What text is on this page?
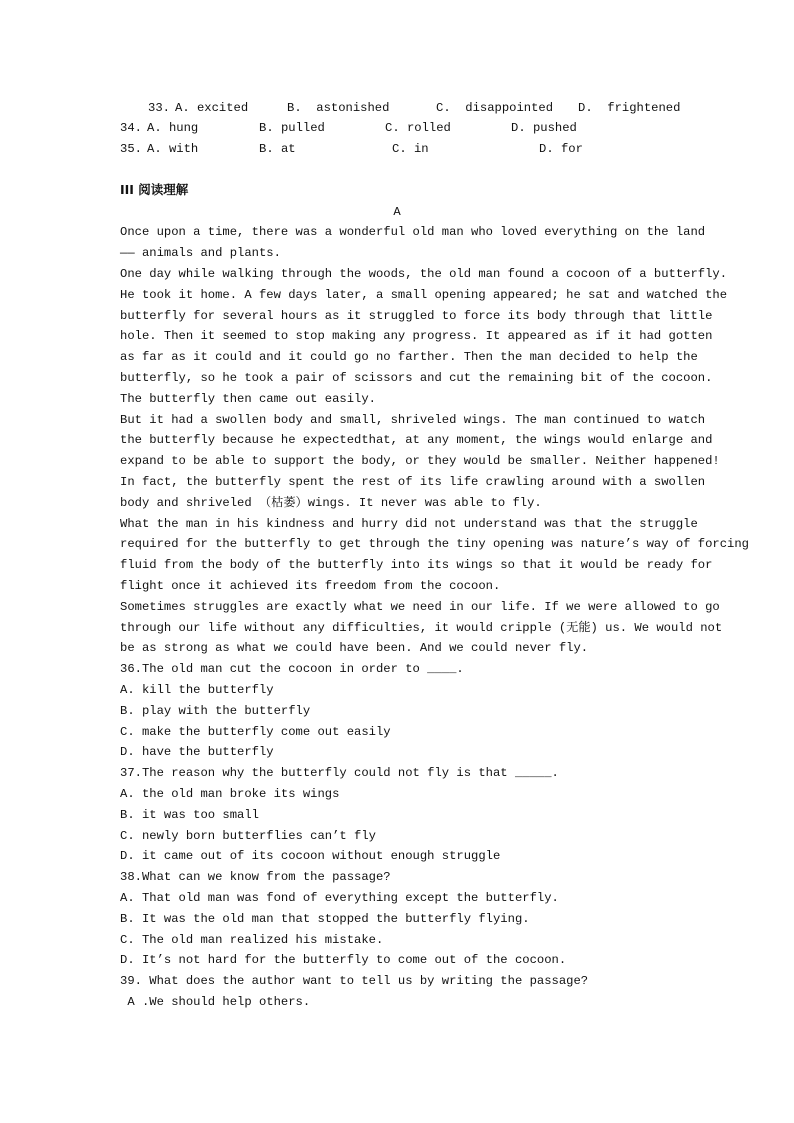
33. A. excited	B.  astonished	C.  disappointed D.  frightened
34. A. hung	B. pulled	C. rolled	D. pushed
35. A. with	B. at	C. in	D. for
III 阅读理解
A
Once upon a time, there was a wonderful old man who loved everything on the land
—— animals and plants.
One day while walking through the woods, the old man found a cocoon of a butterfly.
He took it home. A few days later, a small opening appeared; he sat and watched the
butterfly for several hours as it struggled to force its body through that little
hole. Then it seemed to stop making any progress. It appeared as if it had gotten
as far as it could and it could go no farther. Then the man decided to help the
butterfly, so he took a pair of scissors and cut the remaining bit of the cocoon.
The butterfly then came out easily.
But it had a swollen body and small, shriveled wings. The man continued to watch
the butterfly because he expectedthat, at any moment, the wings would enlarge and
expand to be able to support the body, or they would be smaller. Neither happened!
In fact, the butterfly spent the rest of its life crawling around with a swollen
body and shriveled （枯萎）wings. It never was able to fly.
What the man in his kindness and hurry did not understand was that the struggle
required for the butterfly to get through the tiny opening was nature’s way of forcing
fluid from the body of the butterfly into its wings so that it would be ready for
flight once it achieved its freedom from the cocoon.
Sometimes struggles are exactly what we need in our life. If we were allowed to go
through our life without any difficulties, it would cripple (无能) us. We would not
be as strong as what we could have been. And we could never fly.
36.The old man cut the cocoon in order to ____.
A. kill the butterfly
B. play with the butterfly
C. make the butterfly come out easily
D. have the butterfly
37.The reason why the butterfly could not fly is that _____.
A. the old man broke its wings
B. it was too small
C. newly born butterflies can’t fly
D. it came out of its cocoon without enough struggle
38.What can we know from the passage?
A. That old man was fond of everything except the butterfly.
B. It was the old man that stopped the butterfly flying.
C. The old man realized his mistake.
D. It’s not hard for the butterfly to come out of the cocoon.
39. What does the author want to tell us by writing the passage?
A .We should help others.
